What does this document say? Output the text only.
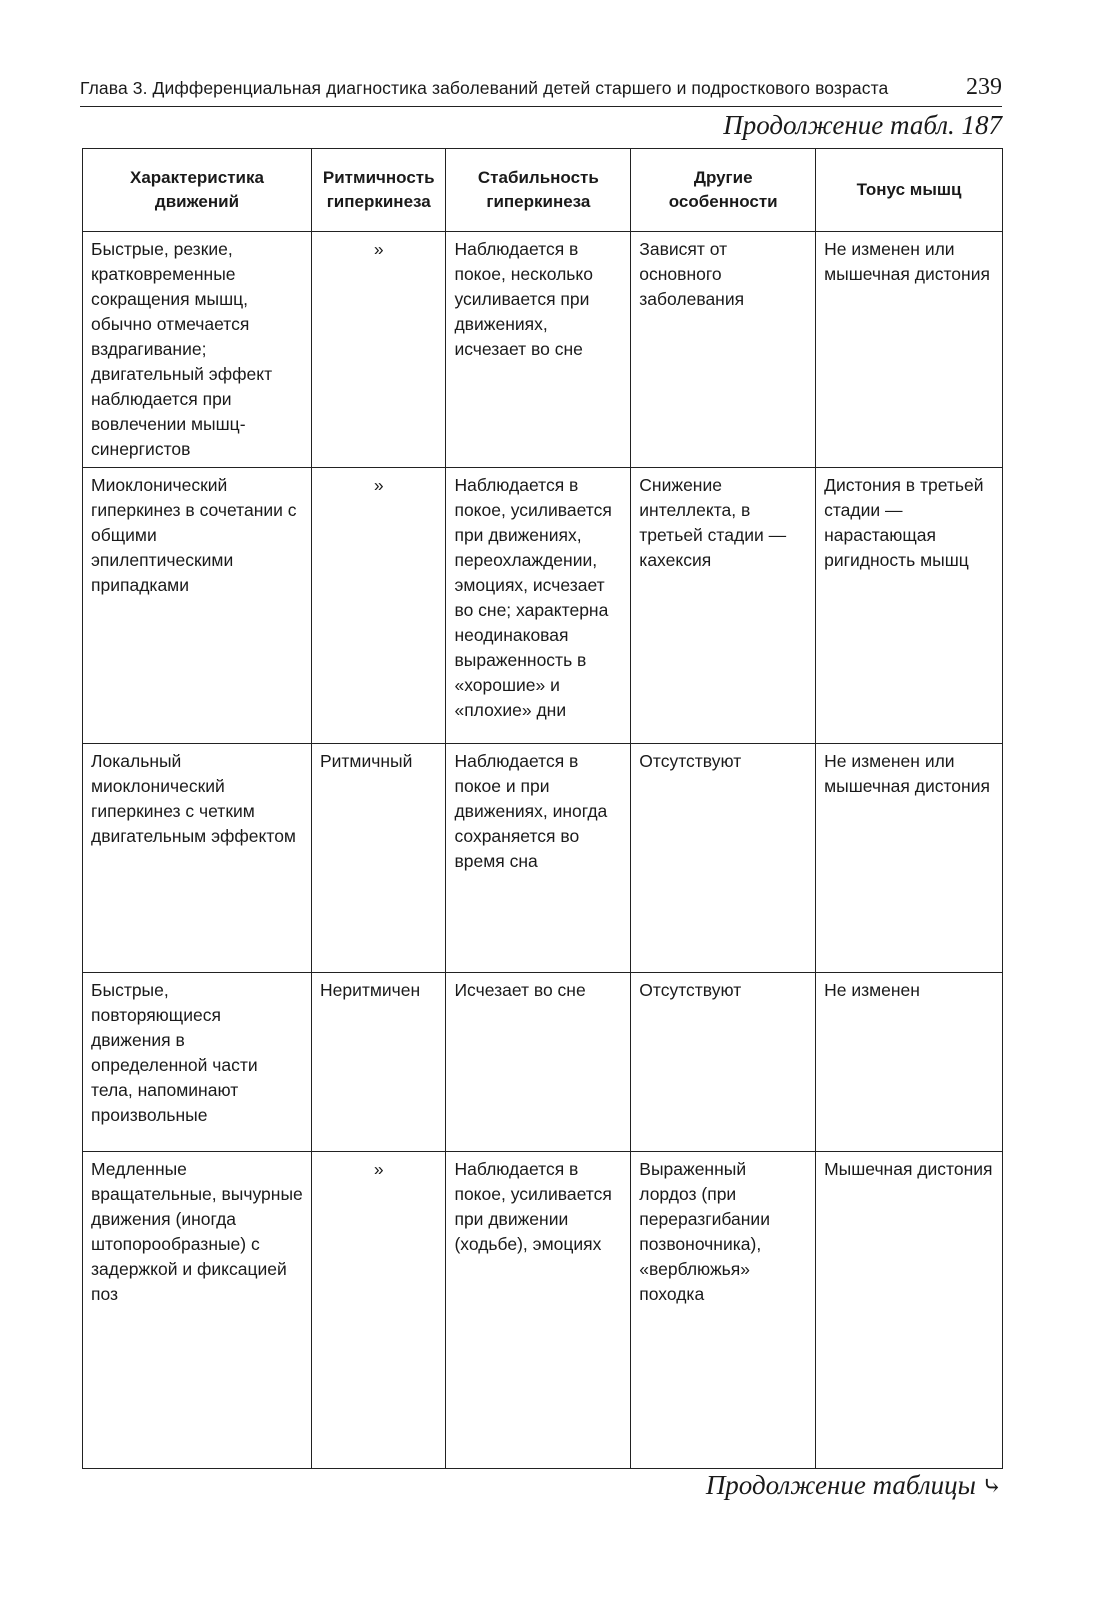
Глава 3. Дифференциальная диагностика заболеваний детей старшего и подросткового возраста	239
Продолжение табл. 187
Характеристика движений	Ритмичность гиперкинеза	Стабильность гиперкинеза	Другие особенности	Тонус мышц
Быстрые, резкие, кратковременные сокращения мышц, обычно отмечается вздрагивание; двигательный эффект наблюдается при вовлечении мышц-синергистов	»	Наблюдается в покое, несколько усиливается при движениях, исчезает во сне	Зависят от основного заболевания	Не изменен или мышечная дистония
Миоклонический гиперкинез в сочетании с общими эпилептическими припадками	»	Наблюдается в покое, усиливается при движениях, переохлаждении, эмоциях, исчезает во сне; характерна неодинаковая выраженность в «хорошие» и «плохие» дни	Снижение интеллекта, в третьей стадии — кахексия	Дистония в третьей стадии — нарастающая ригидность мышц
Локальный миоклонический гиперкинез с четким двигательным эффектом	Ритмичный	Наблюдается в покое и при движениях, иногда сохраняется во время сна	Отсутствуют	Не изменен или мышечная дистония
Быстрые, повторяющиеся движения в определенной части тела, напоминают произвольные	Неритмичен	Исчезает во сне	Отсутствуют	Не изменен
Медленные вращательные, вычурные движения (иногда штопорообразные) с задержкой и фиксацией поз	»	Наблюдается в покое, усиливается при движении (ходьбе), эмоциях	Выраженный лордоз (при переразгибании позвоночника), «верблюжья» походка	Мышечная дистония
Продолжение таблицы ⤷
